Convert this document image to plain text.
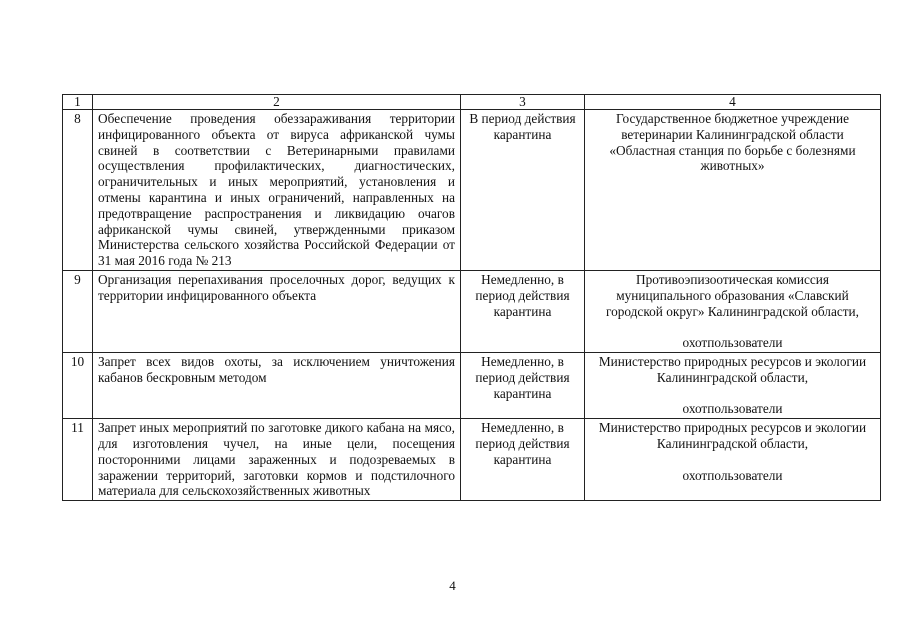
1	2	3	4
8	Обеспечение проведения обеззараживания территории инфицированного объекта от вируса африканской чумы свиней в соответствии с Ветеринарными правилами осуществления профилактических, диагностических, ограничительных и иных мероприятий, установления и отмены карантина и иных ограничений, направленных на предотвращение распространения и ликвидацию очагов африканской чумы свиней, утвержденными приказом Министерства сельского хозяйства Российской Федерации от 31 мая 2016 года № 213	В период действия карантина	Государственное бюджетное учреждение ветеринарии Калининградской области «Областная станция по борьбе с болезнями животных»
9	Организация перепахивания проселочных дорог, ведущих к территории инфицированного объекта	Немедленно, в период действия карантина	Противоэпизоотическая комиссия муниципального образования «Славский городской округ» Калининградской области,
охотпользователи
10	Запрет всех видов охоты, за исключением уничтожения кабанов бескровным методом	Немедленно, в период действия карантина	Министерство природных ресурсов и экологии Калининградской области,
охотпользователи
11	Запрет иных мероприятий по заготовке дикого кабана на мясо, для изготовления чучел, на иные цели, посещения посторонними лицами зараженных и подозреваемых в заражении территорий, заготовки кормов и подстилочного материала для сельскохозяйственных животных	Немедленно, в период действия карантина	Министерство природных ресурсов и экологии Калининградской области,
охотпользователи
4
